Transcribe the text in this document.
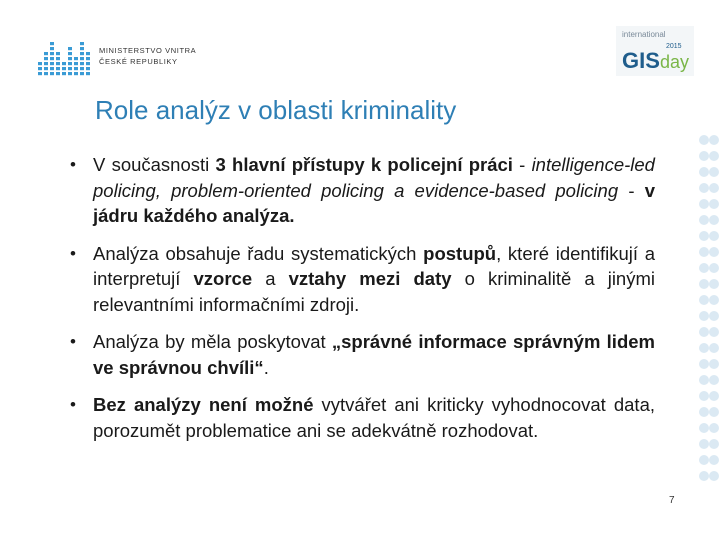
MINISTERSTVO VNITRA
ČESKÉ REPUBLIKY
international
2015
GIS day
Role analýz v oblasti kriminality
• V současnosti 3 hlavní přístupy k policejní práci - intelligence-led policing, problem-oriented policing a evidence-based policing - v jádru každého analýza.
• Analýza obsahuje řadu systematických postupů, které identifikují a interpretují vzorce a vztahy mezi daty o kriminalitě a jinými relevantními informačními zdroji.
• Analýza by měla poskytovat „správné informace správným lidem ve správnou chvíli“.
• Bez analýzy není možné vytvářet ani kriticky vyhodnocovat data, porozumět problematice ani se adekvátně rozhodovat.
7
